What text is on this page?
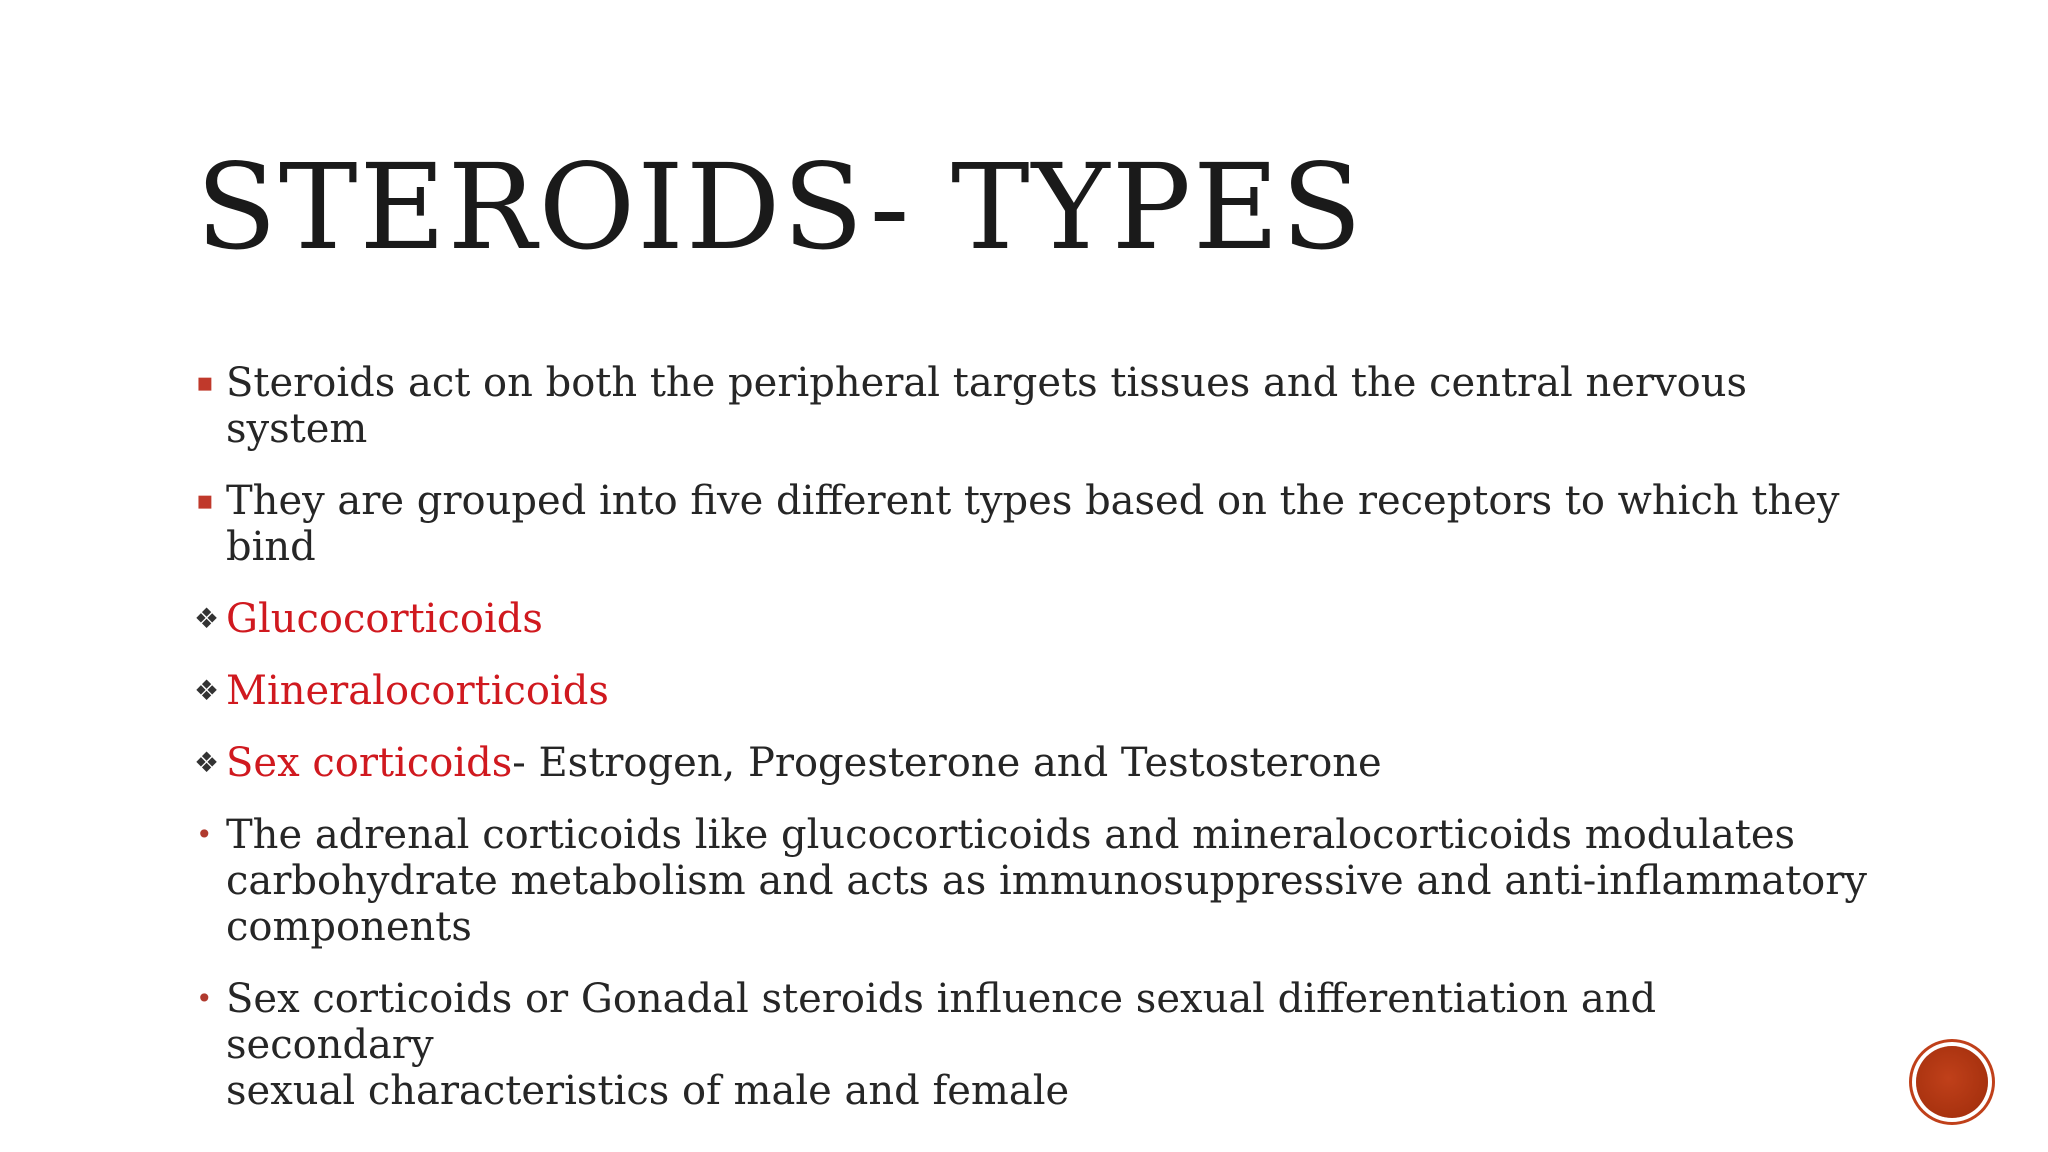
STEROIDS- TYPES
▪ Steroids act on both the peripheral targets tissues and the central nervous system
▪ They are grouped into five different types based on the receptors to which they
bind
❖ Glucocorticoids
❖ Mineralocorticoids
❖ Sex corticoids- Estrogen, Progesterone and Testosterone
• The adrenal corticoids like glucocorticoids and mineralocorticoids modulates
carbohydrate metabolism and acts as immunosuppressive and anti-inflammatory
components
• Sex corticoids or Gonadal steroids influence sexual differentiation and secondary
sexual characteristics of male and female
